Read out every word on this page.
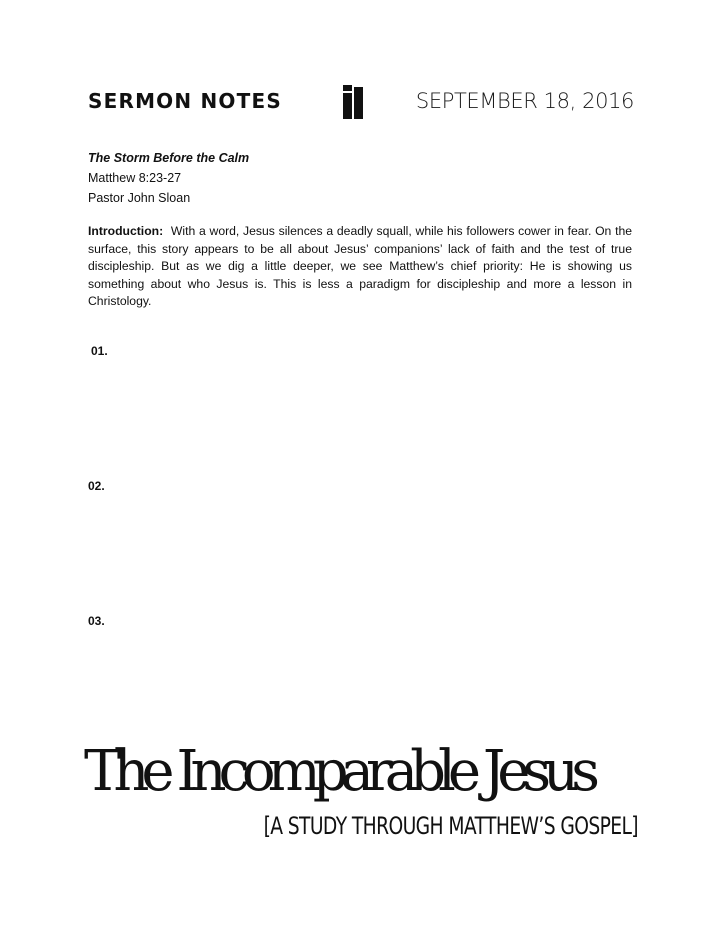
SERMON NOTES	SEPTEMBER 18, 2016
The Storm Before the Calm
Matthew 8:23-27
Pastor John Sloan
Introduction: With a word, Jesus silences a deadly squall, while his followers cower in fear. On the surface, this story appears to be all about Jesus’ companions’ lack of faith and the test of true discipleship. But as we dig a little deeper, we see Matthew’s chief priority: He is showing us something about who Jesus is. This is less a paradigm for discipleship and more a lesson in Christology.
01.
02.
03.
The Incomparable Jesus
[A STUDY THROUGH MATTHEW’S GOSPEL]
